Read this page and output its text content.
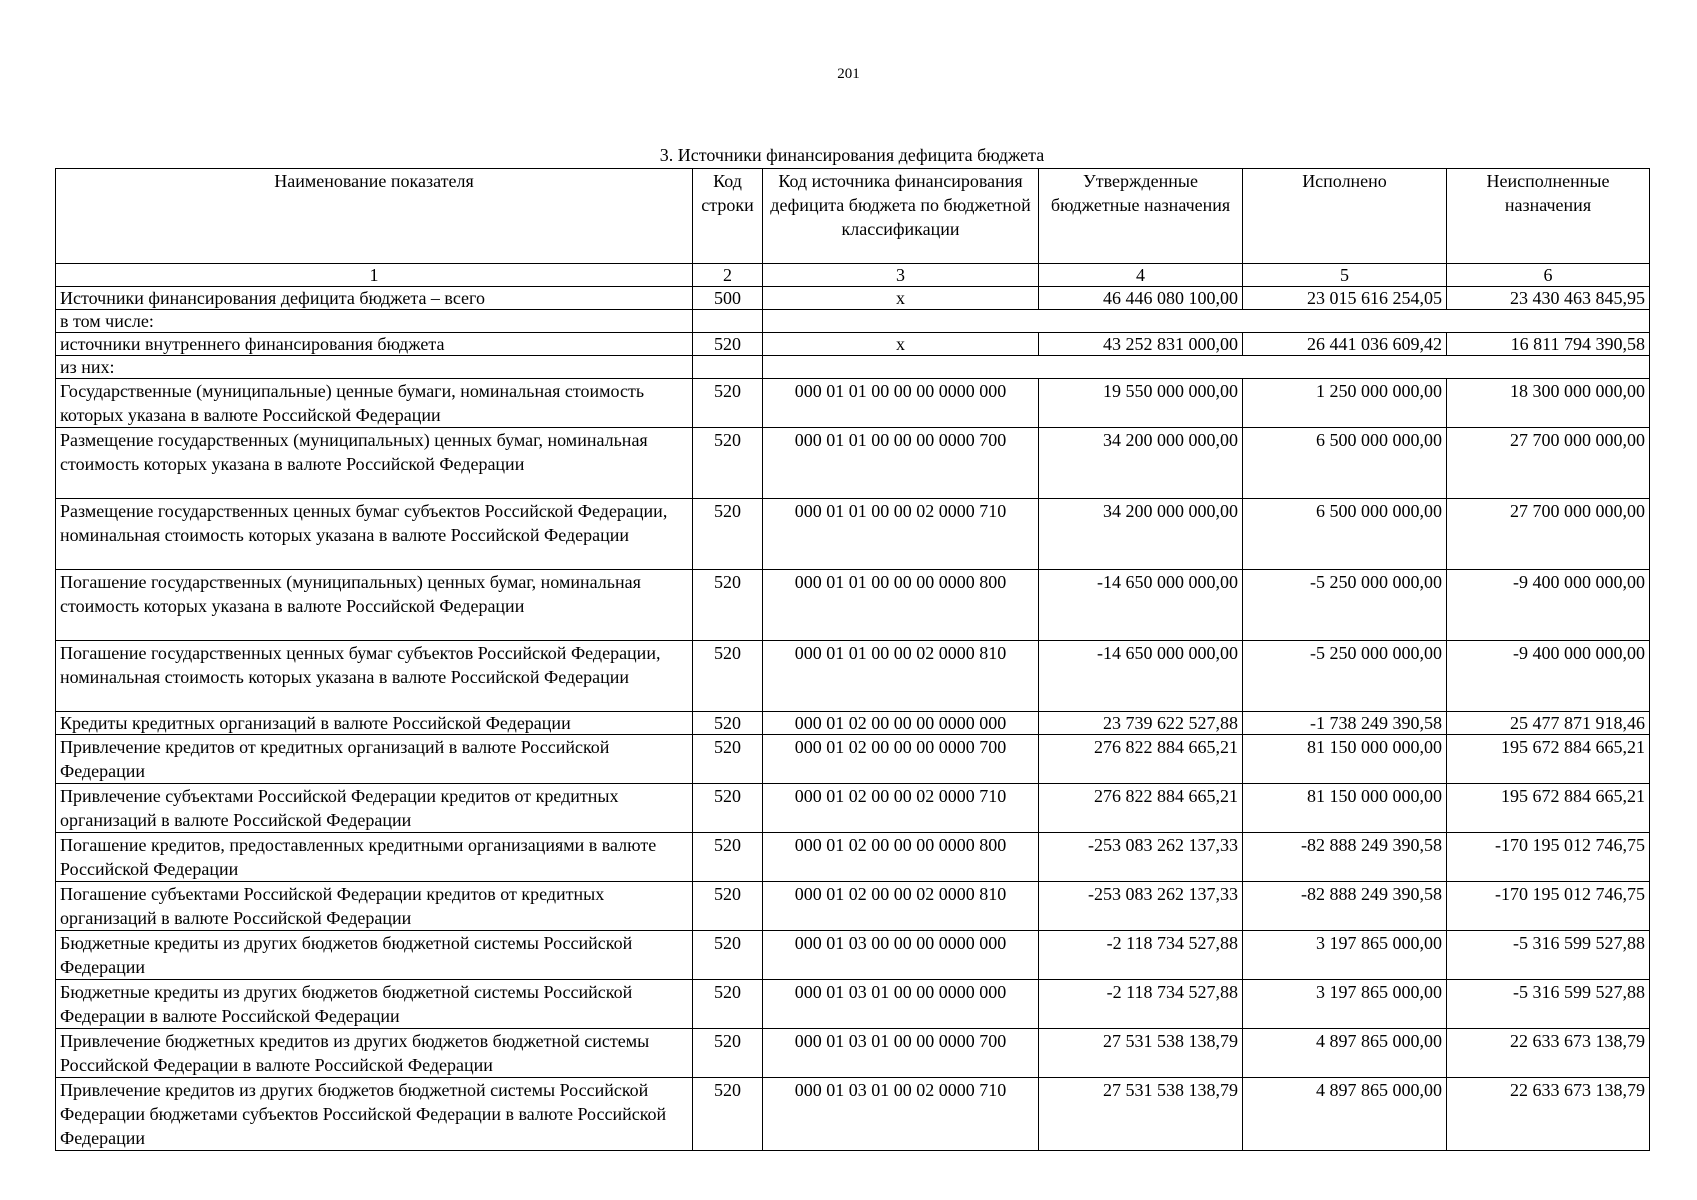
201
3. Источники финансирования дефицита бюджета
Наименование показателя	Код строки	Код источника финансирования дефицита бюджета по бюджетной классификации	Утвержденные бюджетные назначения	Исполнено	Неисполненные назначения
1	2	3	4	5	6
Источники финансирования дефицита бюджета – всего	500	x	46 446 080 100,00	23 015 616 254,05	23 430 463 845,95
в том числе:					
источники внутреннего финансирования бюджета	520	x	43 252 831 000,00	26 441 036 609,42	16 811 794 390,58
из них:					
Государственные (муниципальные) ценные бумаги, номинальная стоимость которых указана в валюте Российской Федерации	520	000 01 01 00 00 00 0000 000	19 550 000 000,00	1 250 000 000,00	18 300 000 000,00
Размещение государственных (муниципальных) ценных бумаг, номинальная стоимость которых указана в валюте Российской Федерации	520	000 01 01 00 00 00 0000 700	34 200 000 000,00	6 500 000 000,00	27 700 000 000,00
Размещение государственных ценных бумаг субъектов Российской Федерации, номинальная стоимость которых указана в валюте Российской Федерации	520	000 01 01 00 00 02 0000 710	34 200 000 000,00	6 500 000 000,00	27 700 000 000,00
Погашение государственных (муниципальных) ценных бумаг, номинальная стоимость которых указана в валюте Российской Федерации	520	000 01 01 00 00 00 0000 800	-14 650 000 000,00	-5 250 000 000,00	-9 400 000 000,00
Погашение государственных ценных бумаг субъектов Российской Федерации, номинальная стоимость которых указана в валюте Российской Федерации	520	000 01 01 00 00 02 0000 810	-14 650 000 000,00	-5 250 000 000,00	-9 400 000 000,00
Кредиты кредитных организаций в валюте Российской Федерации	520	000 01 02 00 00 00 0000 000	23 739 622 527,88	-1 738 249 390,58	25 477 871 918,46
Привлечение кредитов от кредитных организаций в валюте Российской Федерации	520	000 01 02 00 00 00 0000 700	276 822 884 665,21	81 150 000 000,00	195 672 884 665,21
Привлечение субъектами Российской Федерации кредитов от кредитных организаций в валюте Российской Федерации	520	000 01 02 00 00 02 0000 710	276 822 884 665,21	81 150 000 000,00	195 672 884 665,21
Погашение кредитов, предоставленных кредитными организациями в валюте Российской Федерации	520	000 01 02 00 00 00 0000 800	-253 083 262 137,33	-82 888 249 390,58	-170 195 012 746,75
Погашение субъектами Российской Федерации кредитов от кредитных организаций в валюте Российской Федерации	520	000 01 02 00 00 02 0000 810	-253 083 262 137,33	-82 888 249 390,58	-170 195 012 746,75
Бюджетные кредиты из других бюджетов бюджетной системы Российской Федерации	520	000 01 03 00 00 00 0000 000	-2 118 734 527,88	3 197 865 000,00	-5 316 599 527,88
Бюджетные кредиты из других бюджетов бюджетной системы Российской Федерации в валюте Российской Федерации	520	000 01 03 01 00 00 0000 000	-2 118 734 527,88	3 197 865 000,00	-5 316 599 527,88
Привлечение бюджетных кредитов из других бюджетов бюджетной системы Российской Федерации в валюте Российской Федерации	520	000 01 03 01 00 00 0000 700	27 531 538 138,79	4 897 865 000,00	22 633 673 138,79
Привлечение кредитов из других бюджетов бюджетной системы Российской Федерации бюджетами субъектов Российской Федерации в валюте Российской Федерации	520	000 01 03 01 00 02 0000 710	27 531 538 138,79	4 897 865 000,00	22 633 673 138,79
